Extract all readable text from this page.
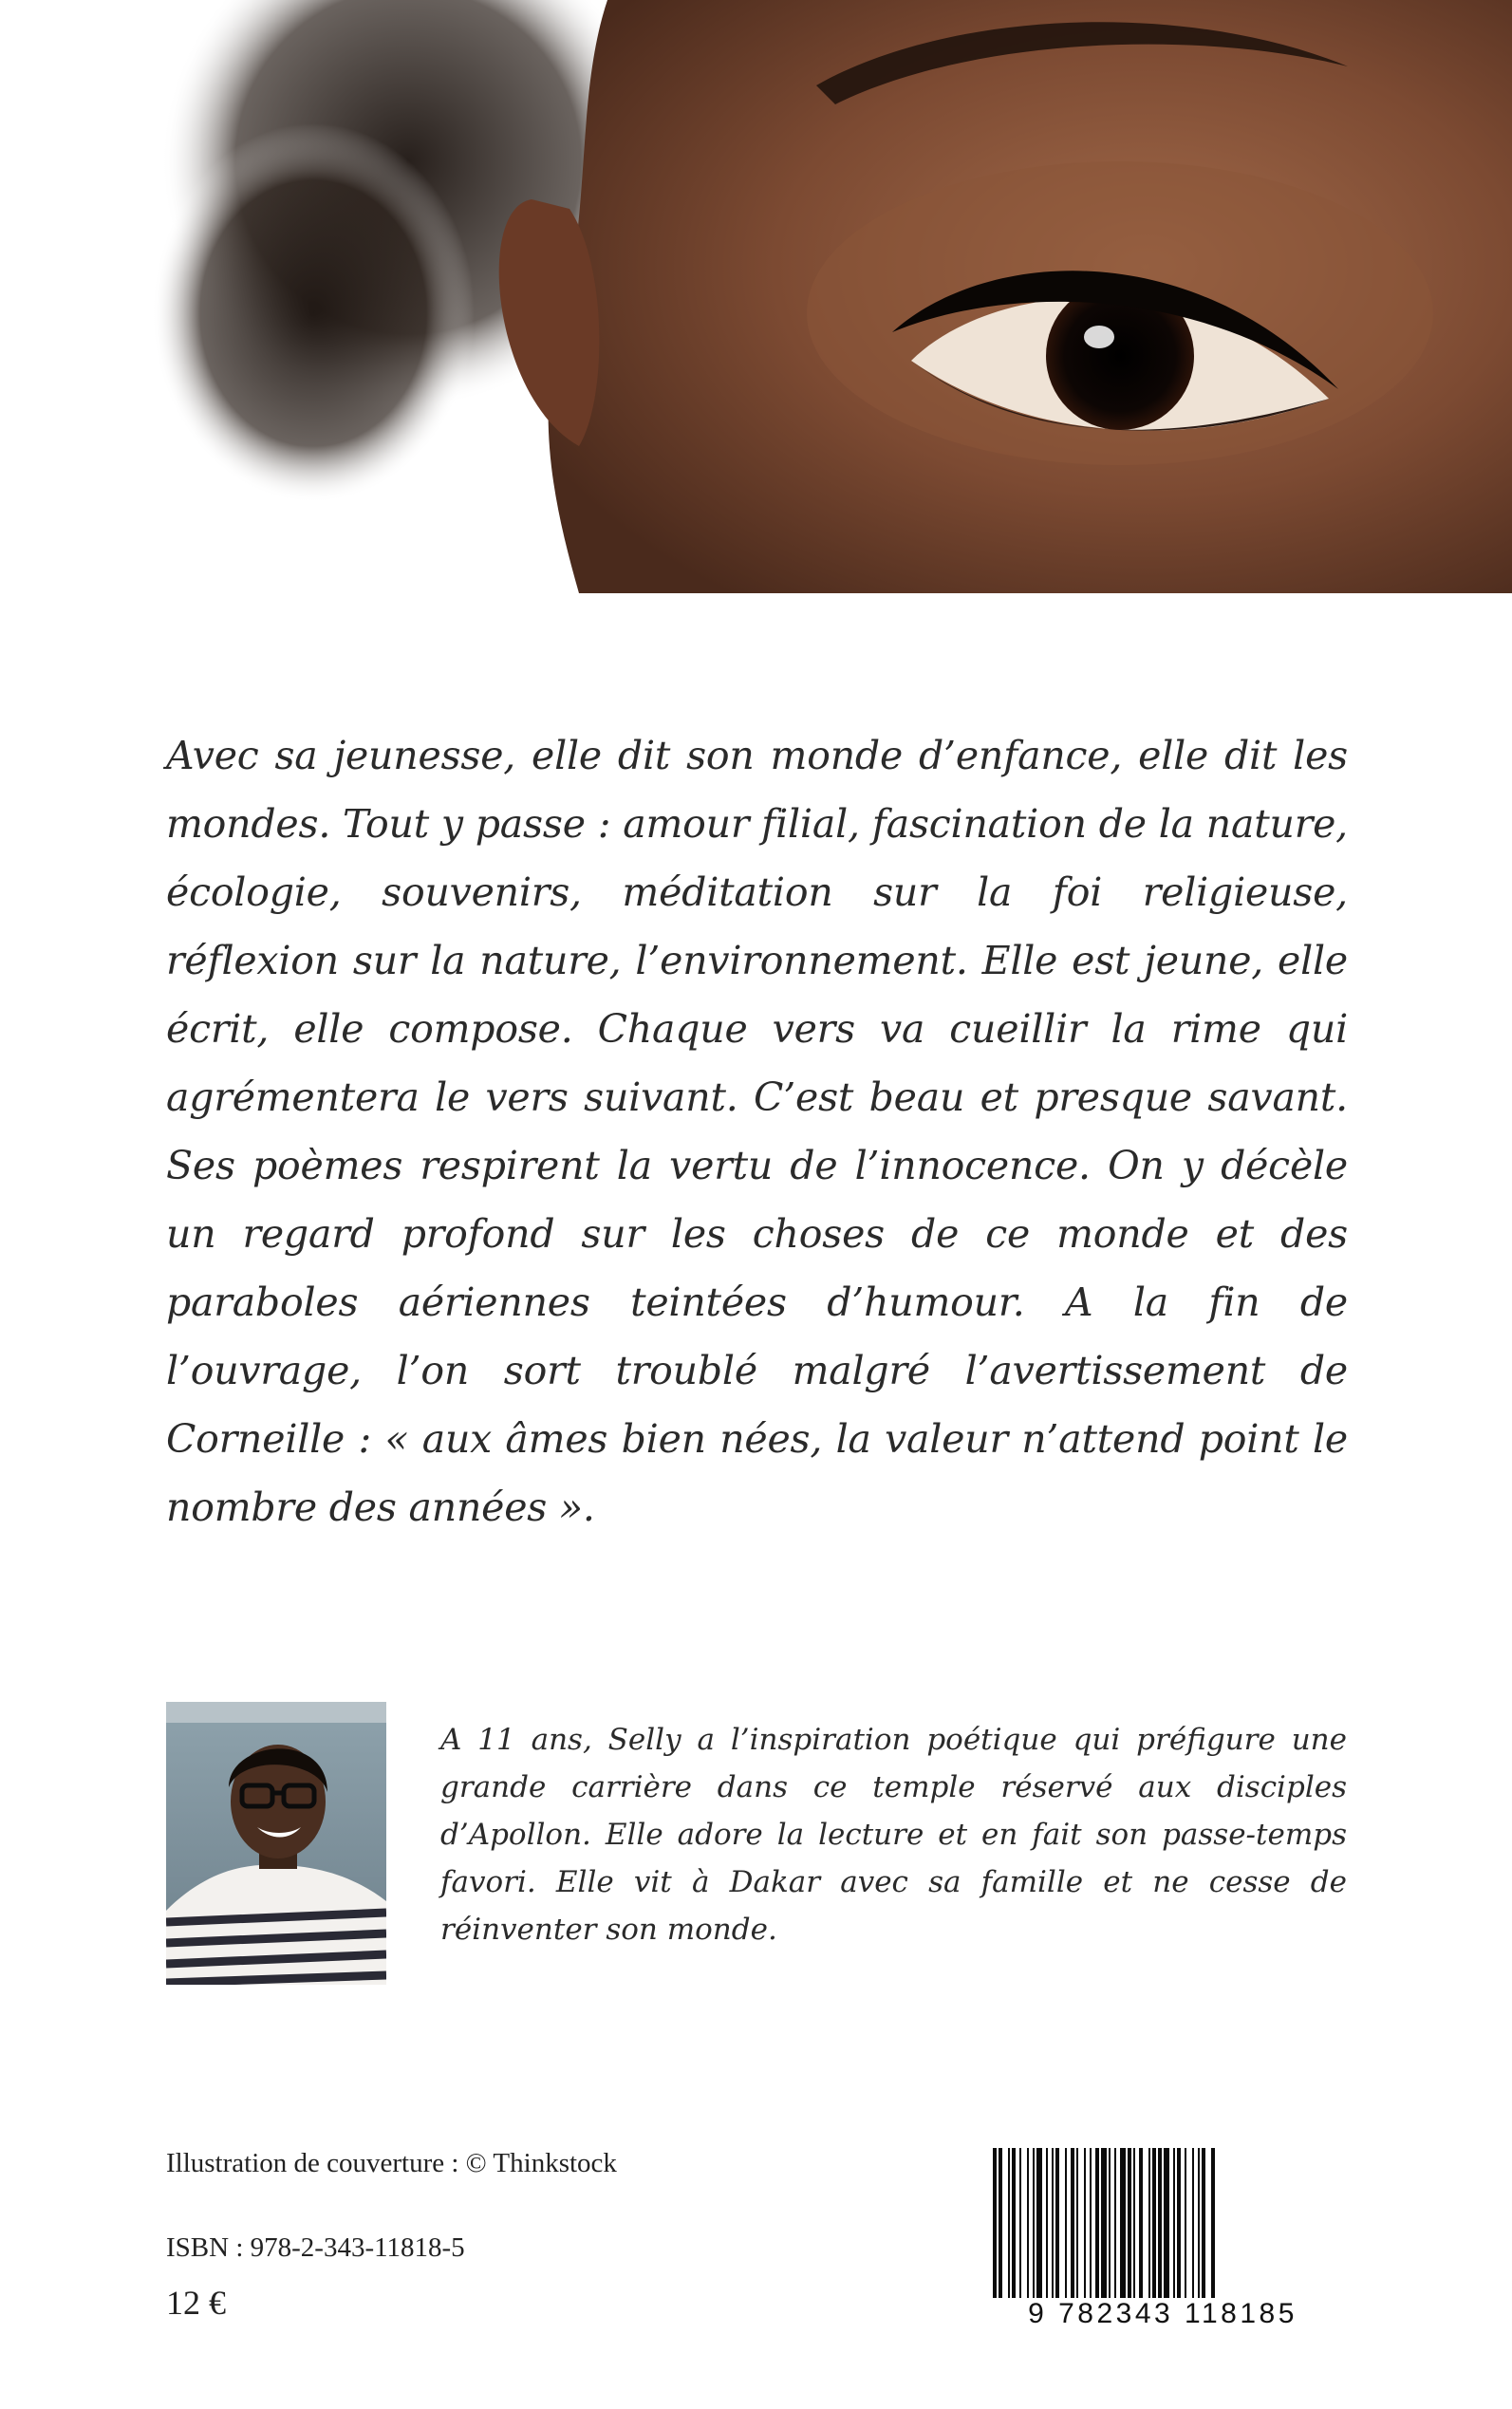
Avec sa jeunesse, elle dit son monde d’enfance, elle dit les mondes. Tout y passe : amour filial, fascination de la nature, écologie, souvenirs, méditation sur la foi religieuse, réflexion sur la nature, l’environnement. Elle est jeune, elle écrit, elle compose. Chaque vers va cueillir la rime qui agrémentera le vers suivant. C’est beau et presque savant. Ses poèmes respirent la vertu de l’innocence. On y décèle un regard profond sur les choses de ce monde et des paraboles aériennes teintées d’humour. A la fin de l’ouvrage, l’on sort troublé malgré l’avertissement de Corneille : « aux âmes bien nées, la valeur n’attend point le nombre des années ».

A 11 ans, Selly a l’inspiration poétique qui préfigure une grande carrière dans ce temple réservé aux disciples d’Apollon. Elle adore la lecture et en fait son passe-temps favori. Elle vit à Dakar avec sa famille et ne cesse de réinventer son monde.

Illustration de couverture : © Thinkstock
ISBN : 978-2-343-11818-5
12 €	9 782343 118185
